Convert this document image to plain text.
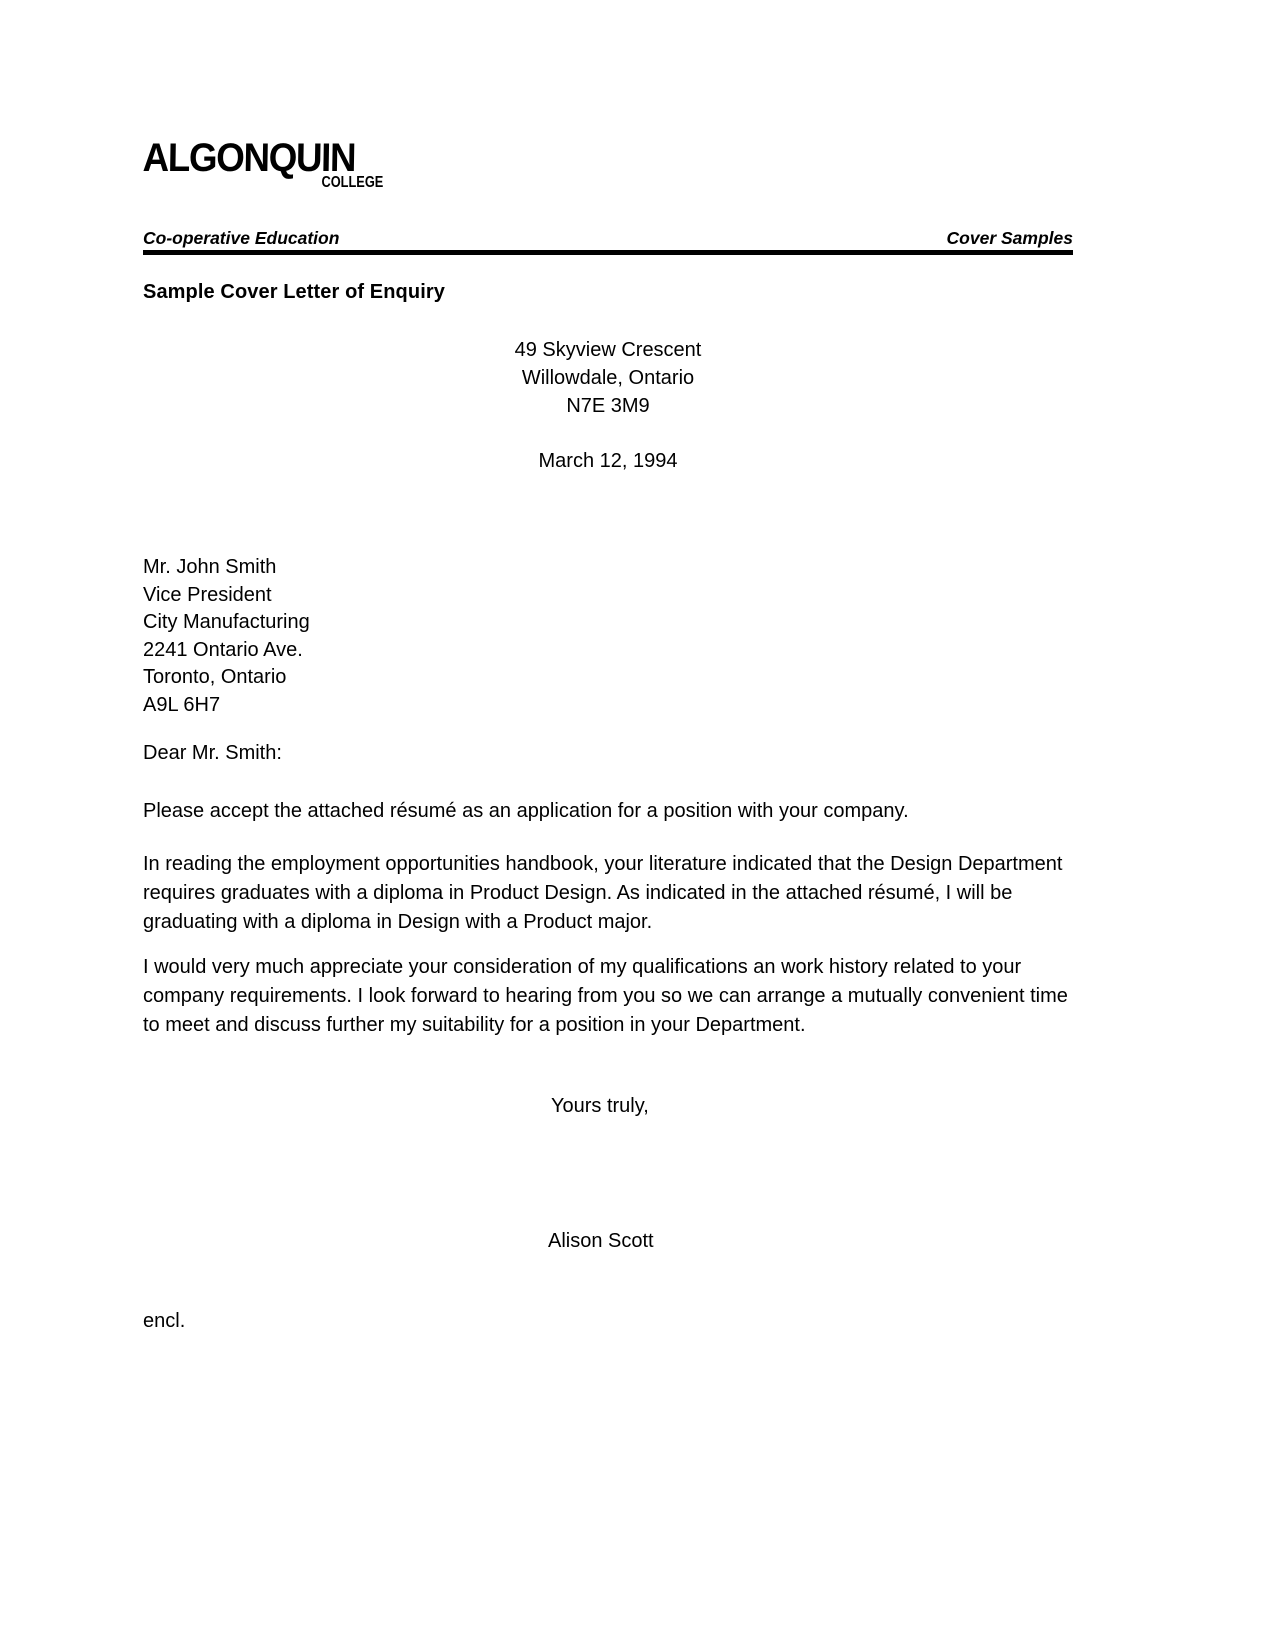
ALGONQUIN
COLLEGE
Co-operative Education	Cover Samples
Sample Cover Letter of Enquiry
49 Skyview Crescent
Willowdale, Ontario
N7E 3M9
March 12, 1994
Mr. John Smith
Vice President
City Manufacturing
2241 Ontario Ave.
Toronto, Ontario
A9L 6H7
Dear Mr. Smith:
Please accept the attached résumé as an application for a position with your company.
In reading the employment opportunities handbook, your literature indicated that the Design Department requires graduates with a diploma in Product Design. As indicated in the attached résumé, I will be graduating with a diploma in Design with a Product major.
I would very much appreciate your consideration of my qualifications an work history related to your company requirements. I look forward to hearing from you so we can arrange a mutually convenient time to meet and discuss further my suitability for a position in your Department.
Yours truly,
Alison Scott
encl.
